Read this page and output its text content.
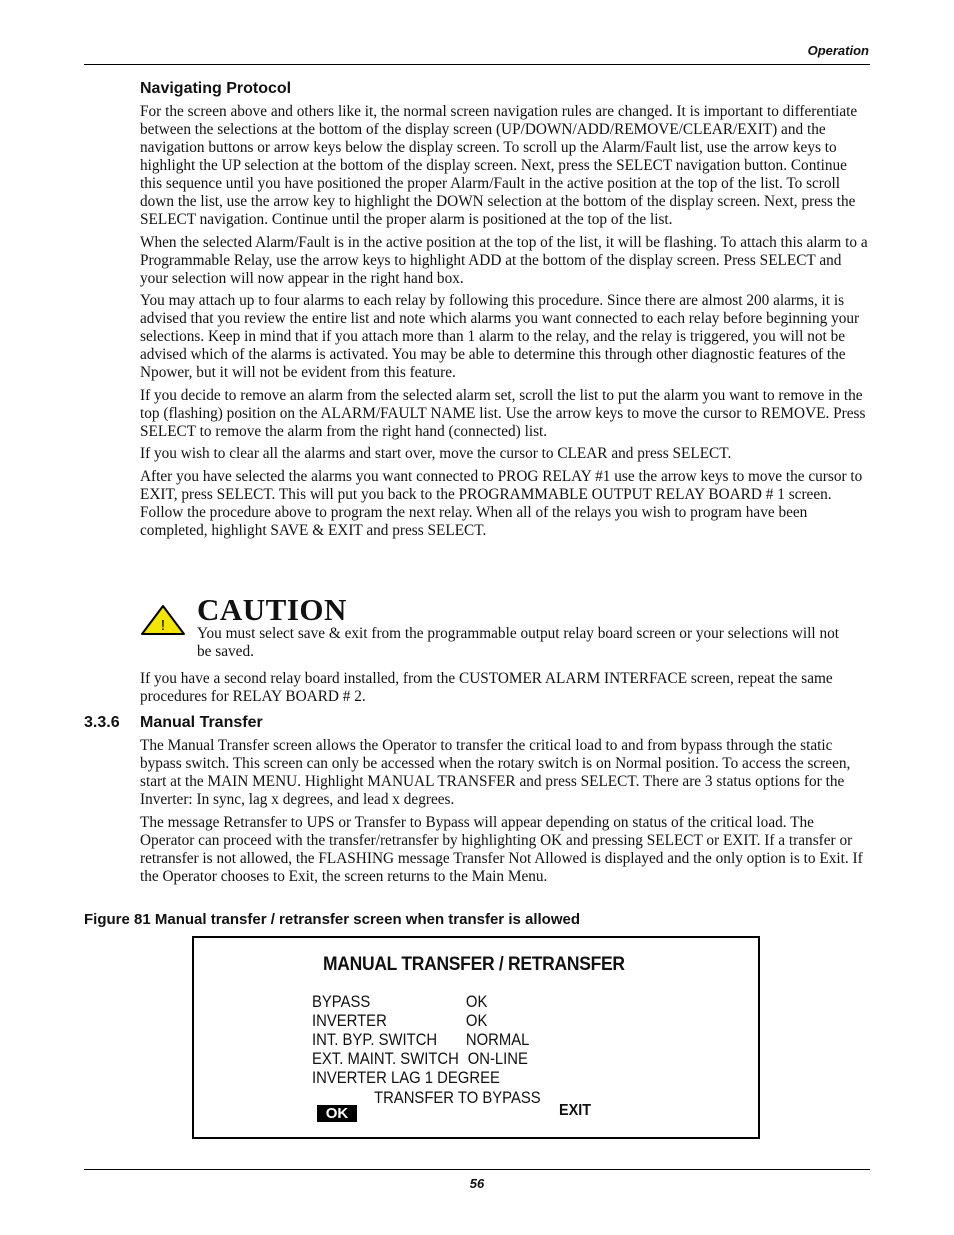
Operation
Navigating Protocol

For the screen above and others like it, the normal screen navigation rules are changed. It is important to differentiate between the selections at the bottom of the display screen (UP/DOWN/ADD/REMOVE/CLEAR/EXIT) and the navigation buttons or arrow keys below the display screen. To scroll up the Alarm/Fault list, use the arrow keys to highlight the UP selection at the bottom of the display screen. Next, press the SELECT navigation button. Continue this sequence until you have positioned the proper Alarm/Fault in the active position at the top of the list. To scroll down the list, use the arrow key to highlight the DOWN selection at the bottom of the display screen. Next, press the SELECT navigation. Continue until the proper alarm is positioned at the top of the list.

When the selected Alarm/Fault is in the active position at the top of the list, it will be flashing. To attach this alarm to a Programmable Relay, use the arrow keys to highlight ADD at the bottom of the display screen. Press SELECT and your selection will now appear in the right hand box.

You may attach up to four alarms to each relay by following this procedure. Since there are almost 200 alarms, it is advised that you review the entire list and note which alarms you want connected to each relay before beginning your selections. Keep in mind that if you attach more than 1 alarm to the relay, and the relay is triggered, you will not be advised which of the alarms is activated. You may be able to determine this through other diagnostic features of the Npower, but it will not be evident from this feature.

If you decide to remove an alarm from the selected alarm set, scroll the list to put the alarm you want to remove in the top (flashing) position on the ALARM/FAULT NAME list. Use the arrow keys to move the cursor to REMOVE. Press SELECT to remove the alarm from the right hand (connected) list.

If you wish to clear all the alarms and start over, move the cursor to CLEAR and press SELECT.

After you have selected the alarms you want connected to PROG RELAY #1 use the arrow keys to move the cursor to EXIT, press SELECT. This will put you back to the PROGRAMMABLE OUTPUT RELAY BOARD # 1 screen. Follow the procedure above to program the next relay. When all of the relays you wish to program have been completed, highlight SAVE & EXIT and press SELECT.

! CAUTION
You must select save & exit from the programmable output relay board screen or your selections will not be saved.

If you have a second relay board installed, from the CUSTOMER ALARM INTERFACE screen, repeat the same procedures for RELAY BOARD # 2.

3.3.6 Manual Transfer

The Manual Transfer screen allows the Operator to transfer the critical load to and from bypass through the static bypass switch. This screen can only be accessed when the rotary switch is on Normal position. To access the screen, start at the MAIN MENU. Highlight MANUAL TRANSFER and press SELECT. There are 3 status options for the Inverter: In sync, lag x degrees, and lead x degrees.

The message Retransfer to UPS or Transfer to Bypass will appear depending on status of the critical load. The Operator can proceed with the transfer/retransfer by highlighting OK and pressing SELECT or EXIT. If a transfer or retransfer is not allowed, the FLASHING message Transfer Not Allowed is displayed and the only option is to Exit. If the Operator chooses to Exit, the screen returns to the Main Menu.

Figure 81 Manual transfer / retransfer screen when transfer is allowed
MANUAL TRANSFER / RETRANSFER
BYPASS	OK
INVERTER	OK
INT. BYP. SWITCH NORMAL
EXT. MAINT. SWITCH ON-LINE
INVERTER LAG 1 DEGREE
TRANSFER TO BYPASS
OK	EXIT
56
